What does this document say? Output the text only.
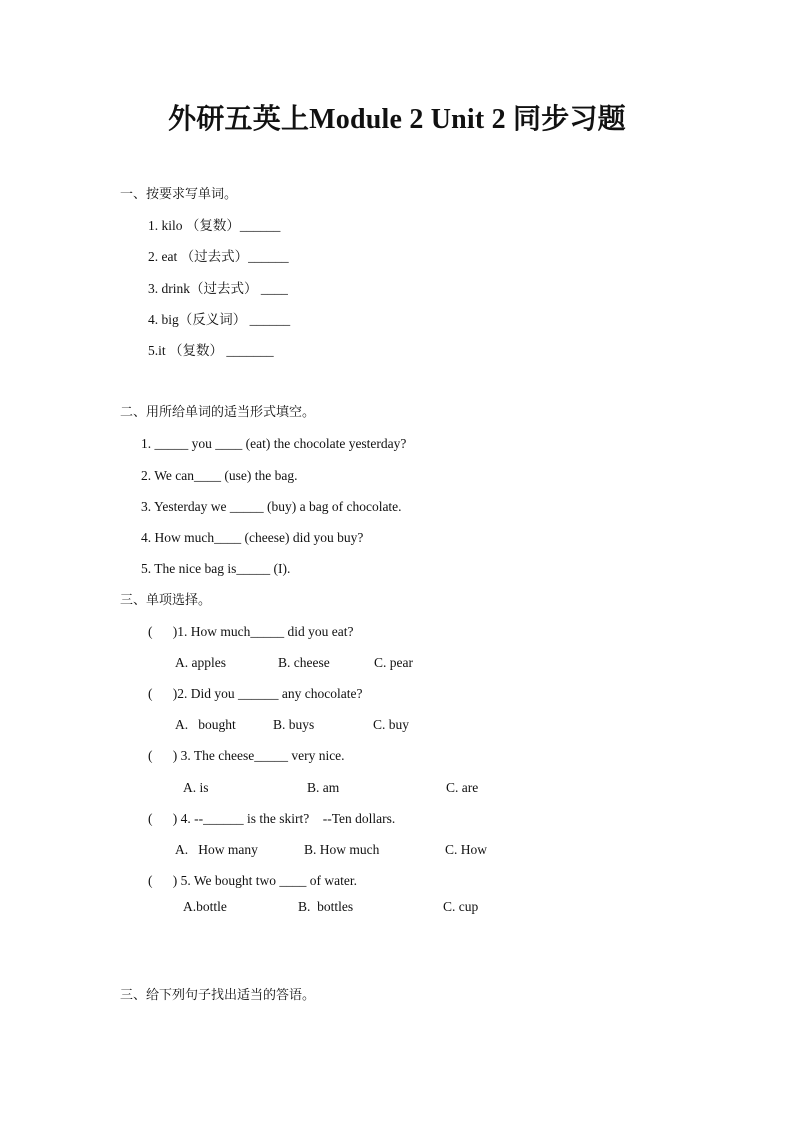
外研五英上Module 2 Unit 2 同步习题
一、按要求写单词。
1. kilo （复数）______
2. eat （过去式）______
3. drink（过去式） ____
4. big（反义词） ______
5.it （复数） _______
二、用所给单词的适当形式填空。
1. _____ you ____ (eat) the chocolate yesterday?
2. We can____ (use) the bag.
3. Yesterday we _____ (buy) a bag of chocolate.
4. How much____ (cheese) did you buy?
5. The nice bag is_____ (I).
三、单项选择。
(      )1. How much_____ did you eat?
A. apples	B. cheese	C. pear
(      )2. Did you ______ any chocolate?
A.   bought	B. buys	C. buy
(      ) 3. The cheese_____ very nice.
A. is	B. am	C. are
(      ) 4. --______ is the skirt?    --Ten dollars.
A.   How many	B. How much	C. How
(      ) 5. We bought two ____ of water.
A.bottle	B.  bottles	C. cup
三、给下列句子找出适当的答语。
